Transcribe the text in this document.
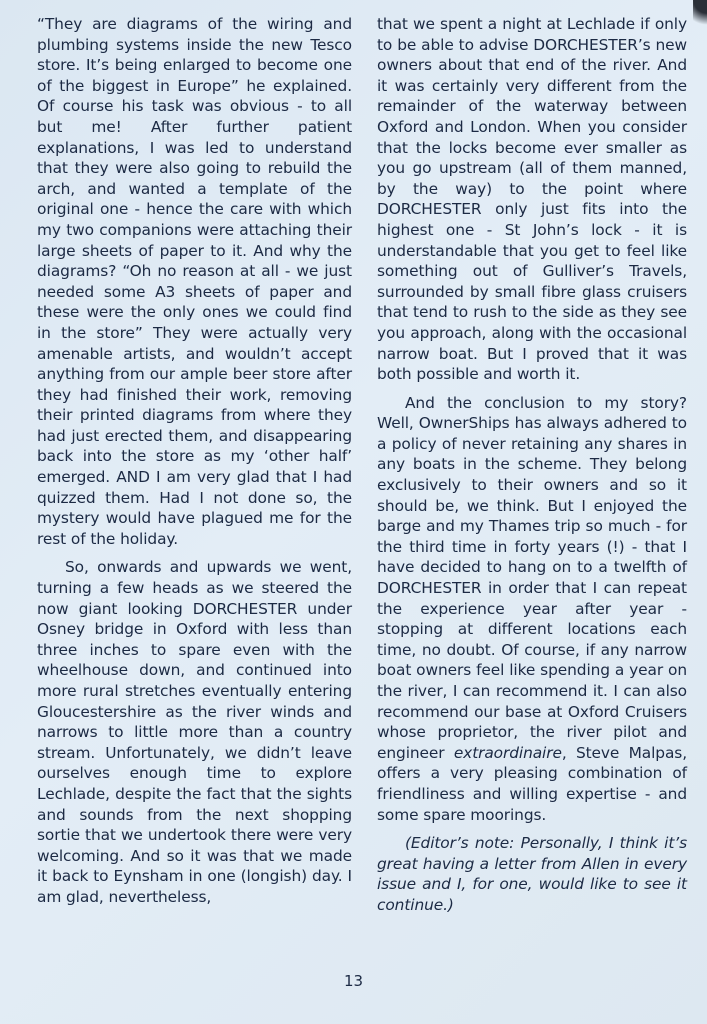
“They are diagrams of the wiring and plumbing systems inside the new Tesco store. It’s being enlarged to become one of the biggest in Europe” he explained. Of course his task was obvious - to all but me! After further patient explanations, I was led to understand that they were also going to rebuild the arch, and wanted a template of the original one - hence the care with which my two companions were attaching their large sheets of paper to it. And why the diagrams? “Oh no reason at all - we just needed some A3 sheets of paper and these were the only ones we could find in the store” They were actually very amenable artists, and wouldn’t accept anything from our ample beer store after they had finished their work, removing their printed diagrams from where they had just erected them, and disappearing back into the store as my ‘other half’ emerged. AND I am very glad that I had quizzed them. Had I not done so, the mystery would have plagued me for the rest of the holiday.

So, onwards and upwards we went, turning a few heads as we steered the now giant looking DORCHESTER under Osney bridge in Oxford with less than three inches to spare even with the wheelhouse down, and continued into more rural stretches eventually entering Gloucestershire as the river winds and narrows to little more than a country stream. Unfortunately, we didn’t leave ourselves enough time to explore Lechlade, despite the fact that the sights and sounds from the next shopping sortie that we undertook there were very welcoming. And so it was that we made it back to Eynsham in one (longish) day. I am glad, nevertheless,

that we spent a night at Lechlade if only to be able to advise DORCHESTER’s new owners about that end of the river. And it was certainly very different from the remainder of the waterway between Oxford and London. When you consider that the locks become ever smaller as you go upstream (all of them manned, by the way) to the point where DORCHESTER only just fits into the highest one - St John’s lock - it is understandable that you get to feel like something out of Gulliver’s Travels, surrounded by small fibre glass cruisers that tend to rush to the side as they see you approach, along with the occasional narrow boat. But I proved that it was both possible and worth it.

And the conclusion to my story? Well, OwnerShips has always adhered to a policy of never retaining any shares in any boats in the scheme. They belong exclusively to their owners and so it should be, we think. But I enjoyed the barge and my Thames trip so much - for the third time in forty years (!) - that I have decided to hang on to a twelfth of DORCHESTER in order that I can repeat the experience year after year - stopping at different locations each time, no doubt. Of course, if any narrow boat owners feel like spending a year on the river, I can recommend it. I can also recommend our base at Oxford Cruisers whose proprietor, the river pilot and engineer extraordinaire, Steve Malpas, offers a very pleasing combination of friendliness and willing expertise - and some spare moorings.

(Editor’s note: Personally, I think it’s great having a letter from Allen in every issue and I, for one, would like to see it continue.)

13
